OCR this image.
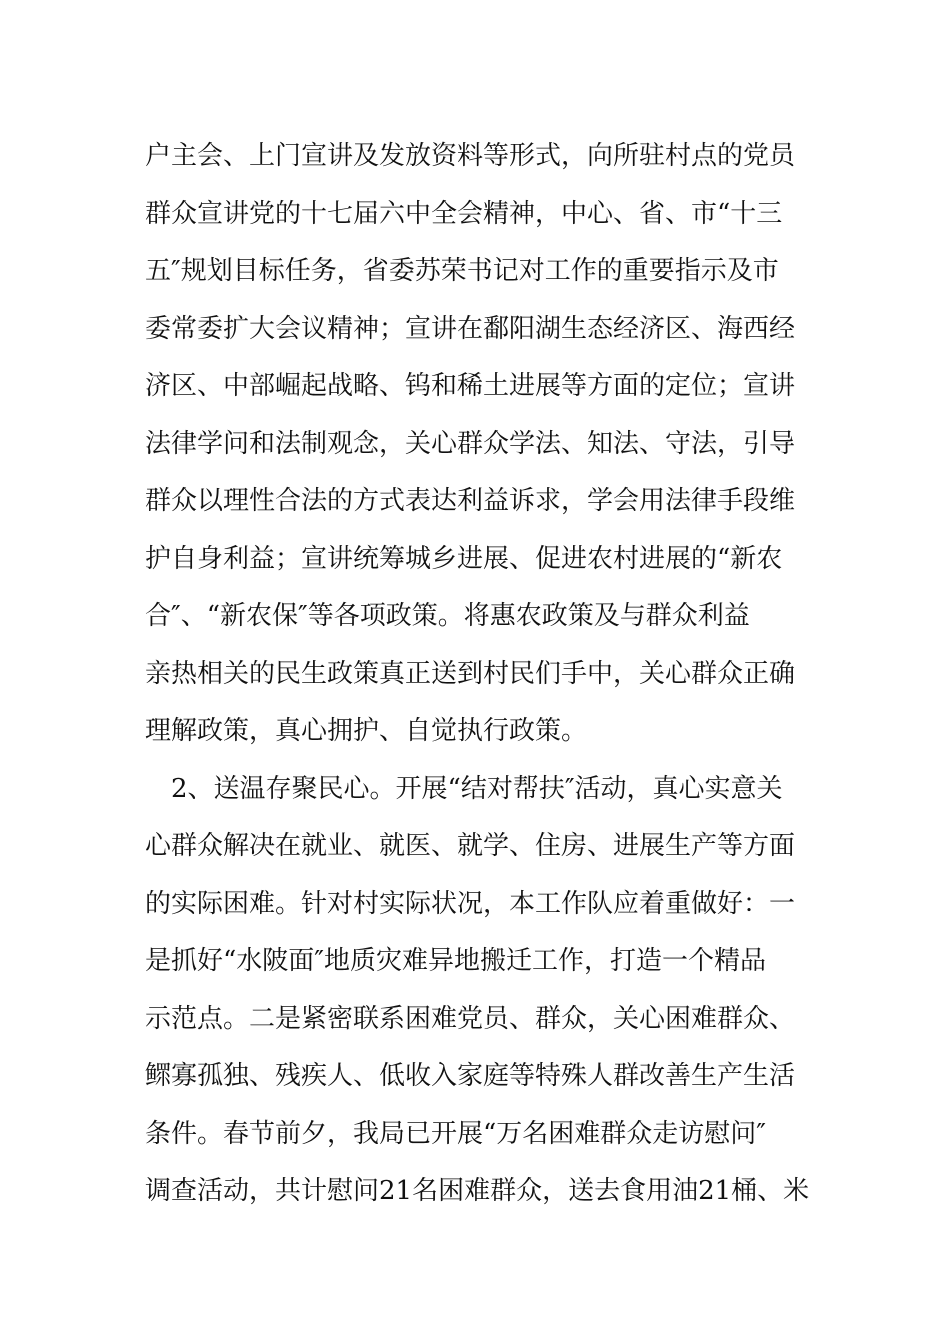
户主会、上门宣讲及发放资料等形式，向所驻村点的党员
群众宣讲党的十七届六中全会精神，中心、省、市“十三
五″规划目标任务，省委苏荣书记对工作的重要指示及市
委常委扩大会议精神；宣讲在鄱阳湖生态经济区、海西经
济区、中部崛起战略、钨和稀土进展等方面的定位；宣讲
法律学问和法制观念，关心群众学法、知法、守法，引导
群众以理性合法的方式表达利益诉求，学会用法律手段维
护自身利益；宣讲统筹城乡进展、促进农村进展的“新农
合″、“新农保″等各项政策。将惠农政策及与群众利益
亲热相关的民生政策真正送到村民们手中，关心群众正确
理解政策，真心拥护、自觉执行政策。
2、送温存聚民心。开展“结对帮扶″活动，真心实意关
心群众解决在就业、就医、就学、住房、进展生产等方面
的实际困难。针对村实际状况，本工作队应着重做好：一
是抓好“水陂面″地质灾难异地搬迁工作，打造一个精品
示范点。二是紧密联系困难党员、群众，关心困难群众、
鳏寡孤独、残疾人、低收入家庭等特殊人群改善生产生活
条件。春节前夕，我局已开展“万名困难群众走访慰问″
调查活动，共计慰问21名困难群众，送去食用油21桶、米
